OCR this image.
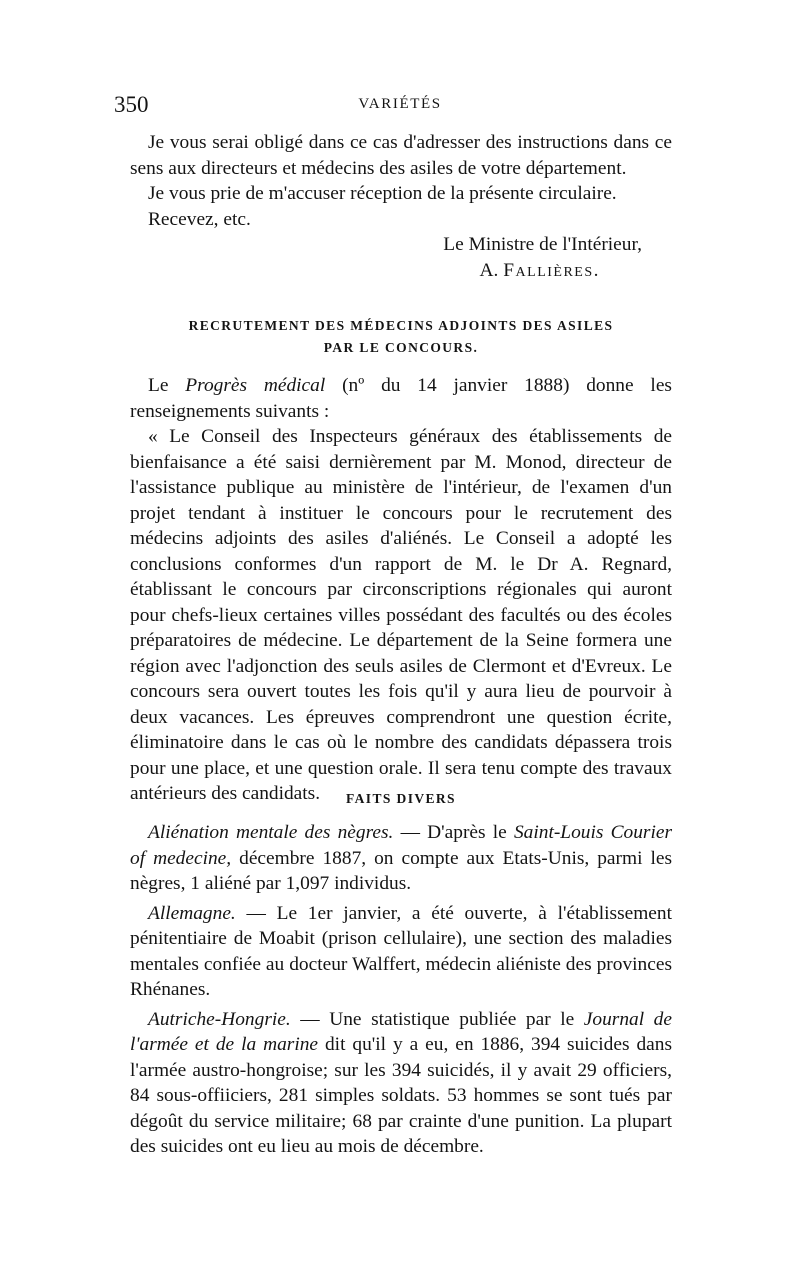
350	VARIÉTÉS

Je vous serai obligé dans ce cas d'adresser des instructions dans ce sens aux directeurs et médecins des asiles de votre département.

Je vous prie de m'accuser réception de la présente circulaire.

Recevez, etc.

Le Ministre de l'Intérieur,

A. Fallières.

RECRUTEMENT DES MÉDECINS ADJOINTS DES ASILES
PAR LE CONCOURS.

Le Progrès médical (nº du 14 janvier 1888) donne les renseignements suivants :

« Le Conseil des Inspecteurs généraux des établissements de bienfaisance a été saisi dernièrement par M. Monod, directeur de l'assistance publique au ministère de l'intérieur, de l'examen d'un projet tendant à instituer le concours pour le recrutement des médecins adjoints des asiles d'aliénés. Le Conseil a adopté les conclusions conformes d'un rapport de M. le Dr A. Regnard, établissant le concours par circonscriptions régionales qui auront pour chefs-lieux certaines villes possédant des facultés ou des écoles préparatoires de médecine. Le département de la Seine formera une région avec l'adjonction des seuls asiles de Clermont et d'Evreux. Le concours sera ouvert toutes les fois qu'il y aura lieu de pourvoir à deux vacances. Les épreuves comprendront une question écrite, éliminatoire dans le cas où le nombre des candidats dépassera trois pour une place, et une question orale. Il sera tenu compte des travaux antérieurs des candidats.	FAITS DIVERS

Aliénation mentale des nègres. — D'après le Saint-Louis Courier of medecine, décembre 1887, on compte aux Etats-Unis, parmi les nègres, 1 aliéné par 1,097 individus.

Allemagne. — Le 1er janvier, a été ouverte, à l'établissement pénitentiaire de Moabit (prison cellulaire), une section des maladies mentales confiée au docteur Walffert, médecin aliéniste des provinces Rhénanes.

Autriche-Hongrie. — Une statistique publiée par le Journal de l'armée et de la marine dit qu'il y a eu, en 1886, 394 suicides dans l'armée austro-hongroise; sur les 394 suicidés, il y avait 29 officiers, 84 sous-offiiciers, 281 simples soldats. 53 hommes se sont tués par dégoût du service militaire; 68 par crainte d'une punition. La plupart des suicides ont eu lieu au mois de décembre.
